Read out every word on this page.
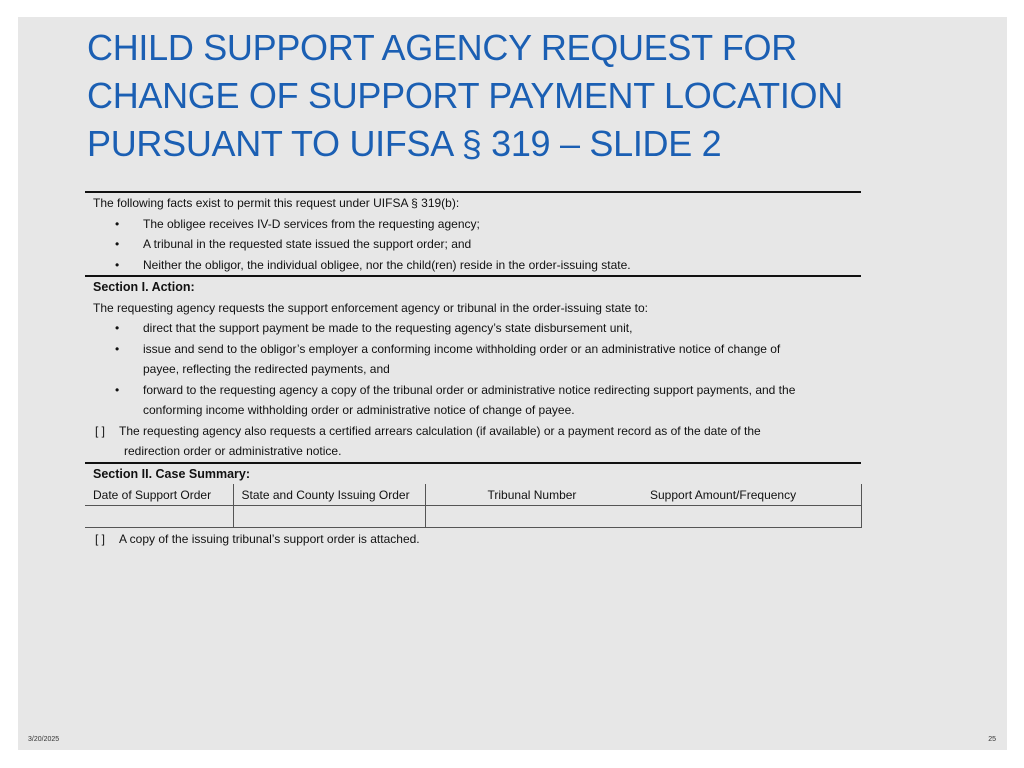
CHILD SUPPORT AGENCY REQUEST FOR
CHANGE OF SUPPORT PAYMENT LOCATION
PURSUANT TO UIFSA § 319 – SLIDE 2
The following facts exist to permit this request under UIFSA § 319(b):
• The obligee receives IV-D services from the requesting agency;
• A tribunal in the requested state issued the support order; and
• Neither the obligor, the individual obligee, nor the child(ren) reside in the order-issuing state.
Section I. Action:
The requesting agency requests the support enforcement agency or tribunal in the order-issuing state to:
• direct that the support payment be made to the requesting agency’s state disbursement unit,
• issue and send to the obligor’s employer a conforming income withholding order or an administrative notice of change of
payee, reflecting the redirected payments, and
• forward to the requesting agency a copy of the tribunal order or administrative notice redirecting support payments, and the
conforming income withholding order or administrative notice of change of payee.
[ ] The requesting agency also requests a certified arrears calculation (if available) or a payment record as of the date of the
redirection order or administrative notice.
Section II. Case Summary:
Date of Support Order	State and County Issuing Order	Tribunal Number	Support Amount/Frequency

[ ] A copy of the issuing tribunal’s support order is attached.
3/20/2025	25
